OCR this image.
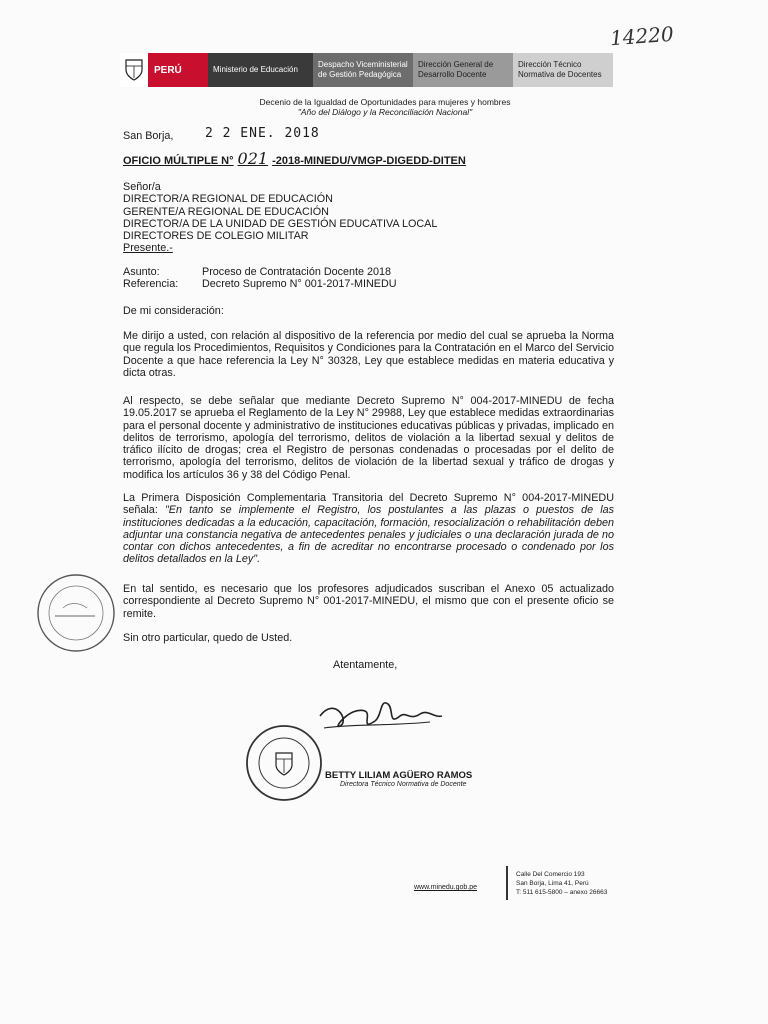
14220
PERÚ	Ministerio de Educación
Despacho Viceministerial de Gestión Pedagógica
Dirección General de Desarrollo Docente
Dirección Técnico Normativa de Docentes
Decenio de la Igualdad de Oportunidades para mujeres y hombres
"Año del Diálogo y la Reconciliación Nacional"
San Borja, 2 2 ENE. 2018
OFICIO MÚLTIPLE N° 021 -2018-MINEDU/VMGP-DIGEDD-DITEN
Señor/a
DIRECTOR/A REGIONAL DE EDUCACIÓN
GERENTE/A REGIONAL DE EDUCACIÓN
DIRECTOR/A DE LA UNIDAD DE GESTIÓN EDUCATIVA LOCAL
DIRECTORES DE COLEGIO MILITAR
Presente.-
Asunto:	Proceso de Contratación Docente 2018
Referencia: Decreto Supremo N° 001-2017-MINEDU
De mi consideración:
Me dirijo a usted, con relación al dispositivo de la referencia por medio del cual se aprueba la Norma que regula los Procedimientos, Requisitos y Condiciones para la Contratación en el Marco del Servicio Docente a que hace referencia la Ley N° 30328, Ley que establece medidas en materia educativa y dicta otras.
Al respecto, se debe señalar que mediante Decreto Supremo N° 004-2017-MINEDU de fecha 19.05.2017 se aprueba el Reglamento de la Ley N° 29988, Ley que establece medidas extraordinarias para el personal docente y administrativo de instituciones educativas públicas y privadas, implicado en delitos de terrorismo, apología del terrorismo, delitos de violación a la libertad sexual y delitos de tráfico ilícito de drogas; crea el Registro de personas condenadas o procesadas por el delito de terrorismo, apología del terrorismo, delitos de violación de la libertad sexual y tráfico de drogas y modifica los artículos 36 y 38 del Código Penal.
La Primera Disposición Complementaria Transitoria del Decreto Supremo N° 004-2017-MINEDU señala: "En tanto se implemente el Registro, los postulantes a las plazas o puestos de las instituciones dedicadas a la educación, capacitación, formación, resocialización o rehabilitación deben adjuntar una constancia negativa de antecedentes penales y judiciales o una declaración jurada de no contar con dichos antecedentes, a fin de acreditar no encontrarse procesado o condenado por los delitos detallados en la Ley".
En tal sentido, es necesario que los profesores adjudicados suscriban el Anexo 05 actualizado correspondiente al Decreto Supremo N° 001-2017-MINEDU, el mismo que con el presente oficio se remite.
Sin otro particular, quedo de Usted.
Atentamente,
BETTY LILIAM AGÜERO RAMOS
Directora Técnico Normativa de Docente
www.minedu.gob.pe
Calle Del Comercio 193
San Borja, Lima 41, Perú
T: 511 615-5800 – anexo 26663
